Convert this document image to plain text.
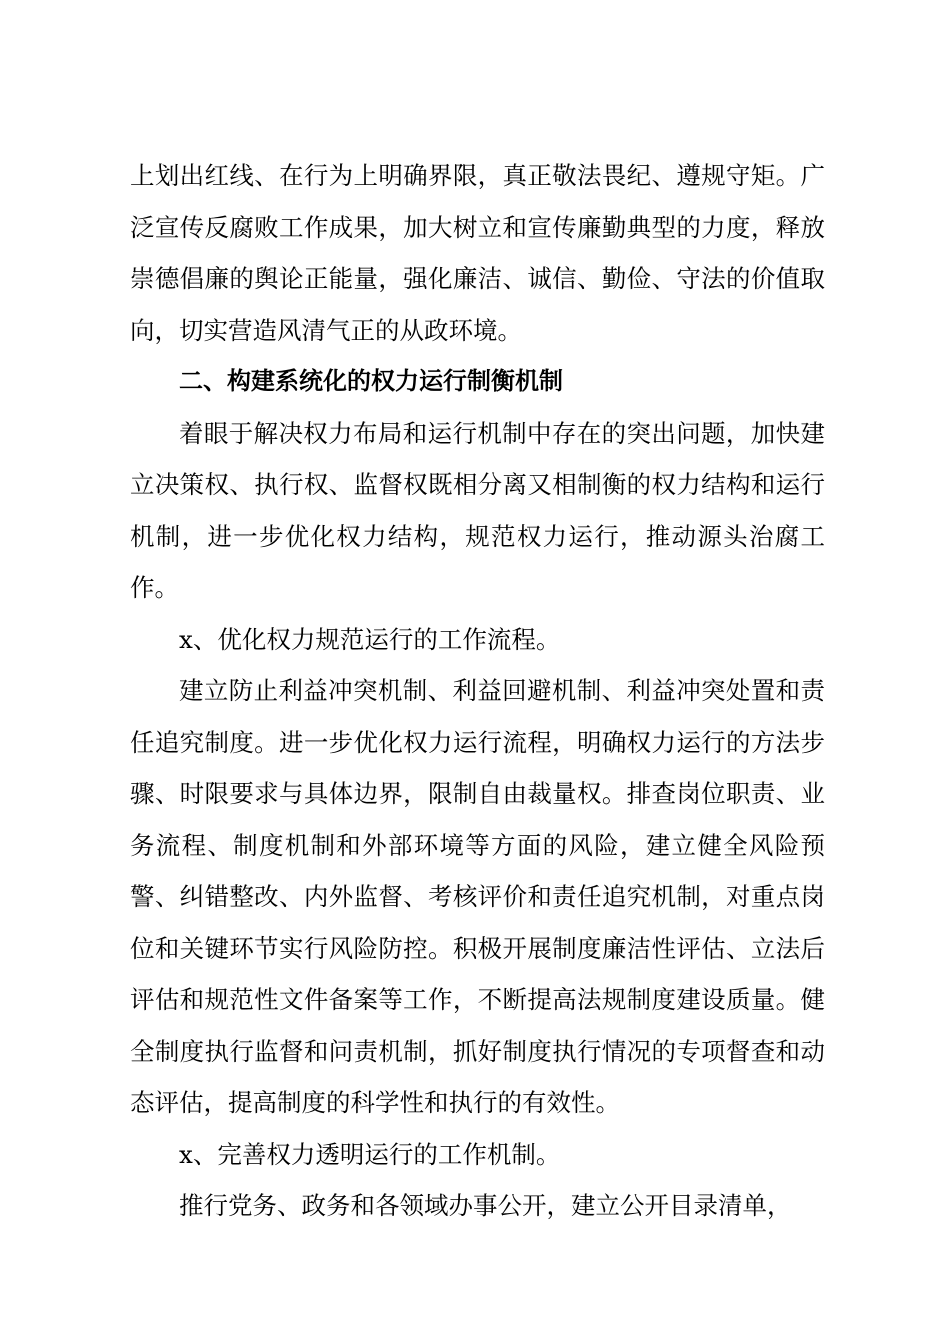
上划出红线、在行为上明确界限，真正敬法畏纪、遵规守矩。广泛宣传反腐败工作成果，加大树立和宣传廉勤典型的力度，释放崇德倡廉的舆论正能量，强化廉洁、诚信、勤俭、守法的价值取向，切实营造风清气正的从政环境。

二、构建系统化的权力运行制衡机制

着眼于解决权力布局和运行机制中存在的突出问题，加快建立决策权、执行权、监督权既相分离又相制衡的权力结构和运行机制，进一步优化权力结构，规范权力运行，推动源头治腐工作。

x、优化权力规范运行的工作流程。

建立防止利益冲突机制、利益回避机制、利益冲突处置和责任追究制度。进一步优化权力运行流程，明确权力运行的方法步骤、时限要求与具体边界，限制自由裁量权。排查岗位职责、业务流程、制度机制和外部环境等方面的风险，建立健全风险预警、纠错整改、内外监督、考核评价和责任追究机制，对重点岗位和关键环节实行风险防控。积极开展制度廉洁性评估、立法后评估和规范性文件备案等工作，不断提高法规制度建设质量。健全制度执行监督和问责机制，抓好制度执行情况的专项督查和动态评估，提高制度的科学性和执行的有效性。

x、完善权力透明运行的工作机制。

推行党务、政务和各领域办事公开，建立公开目录清单，
